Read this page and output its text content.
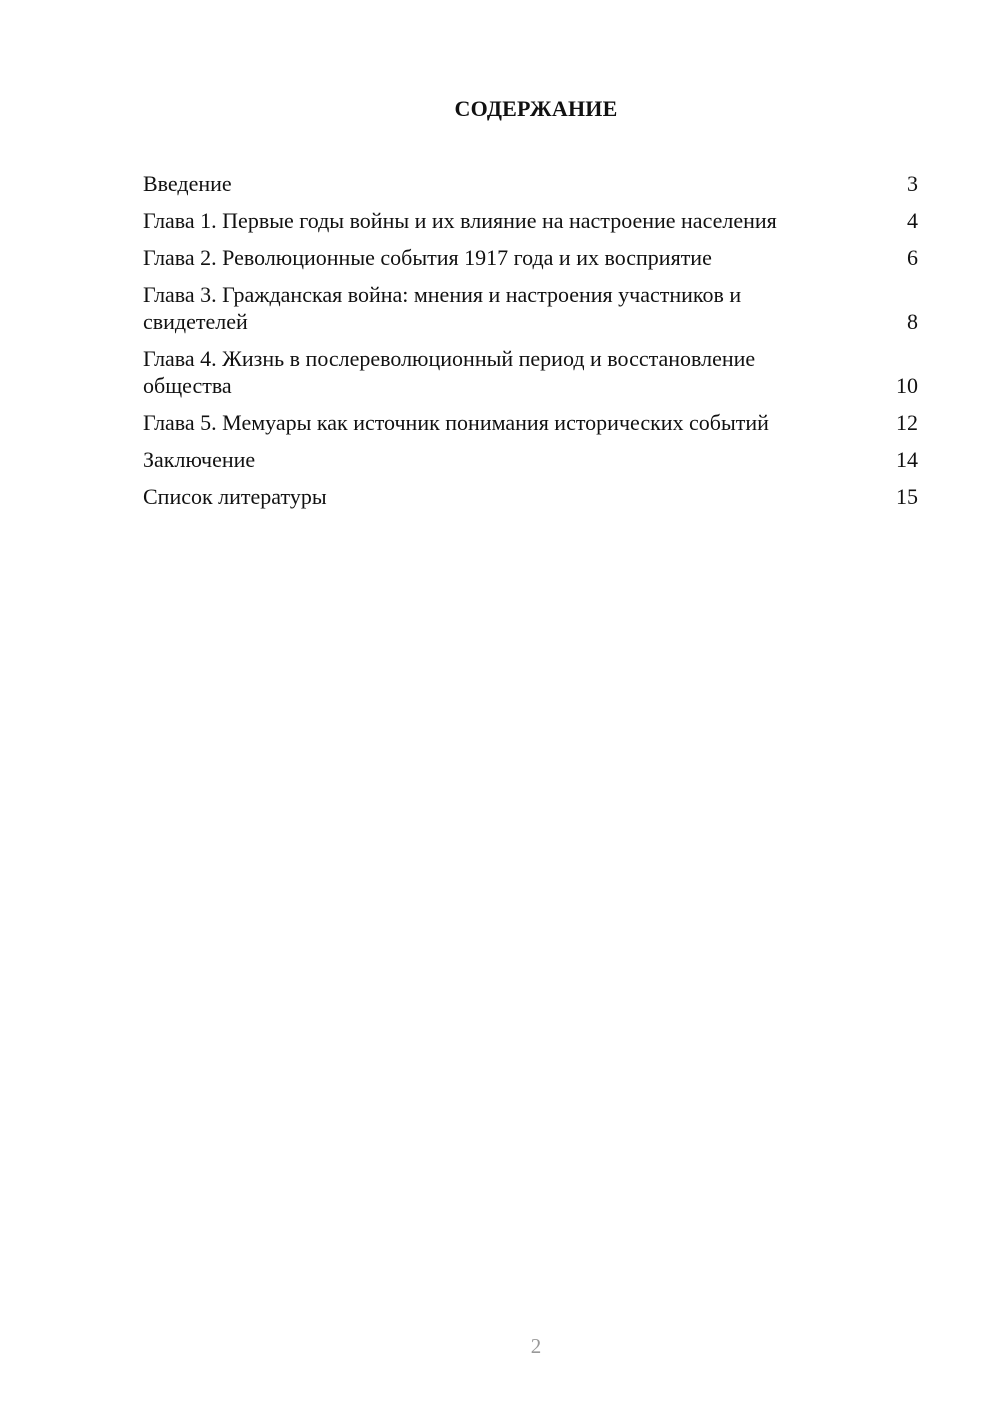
СОДЕРЖАНИЕ
Введение	3
Глава 1. Первые годы войны и их влияние на настроение населения	4
Глава 2. Революционные события 1917 года и их восприятие	6
Глава 3. Гражданская война: мнения и настроения участников и свидетелей	8
Глава 4. Жизнь в послереволюционный период и восстановление общества	10
Глава 5. Мемуары как источник понимания исторических событий	12
Заключение	14
Список литературы	15
2
